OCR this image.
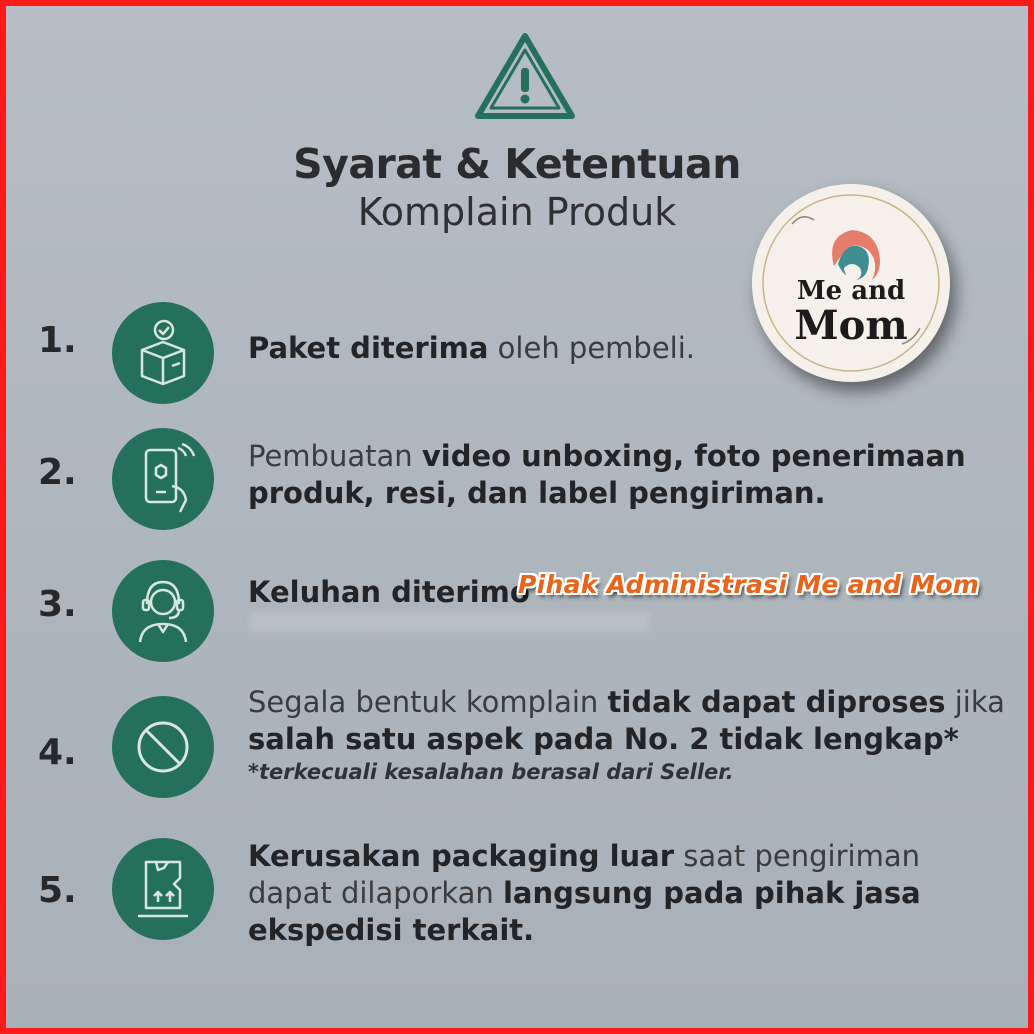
Syarat & Ketentuan
Komplain Produk
Me and
Mom
1.	Paket diterima oleh pembeli.
2.	Pembuatan video unboxing, foto penerimaan produk, resi, dan label pengiriman.
3.	Keluhan diterimo
Pihak Administrasi Me and Mom
4.
Segala bentuk komplain tidak dapat diproses jika salah satu aspek pada No. 2 tidak lengkap*
*terkecuali kesalahan berasal dari Seller.
5.
Kerusakan packaging luar saat pengiriman dapat dilaporkan langsung pada pihak jasa ekspedisi terkait.
